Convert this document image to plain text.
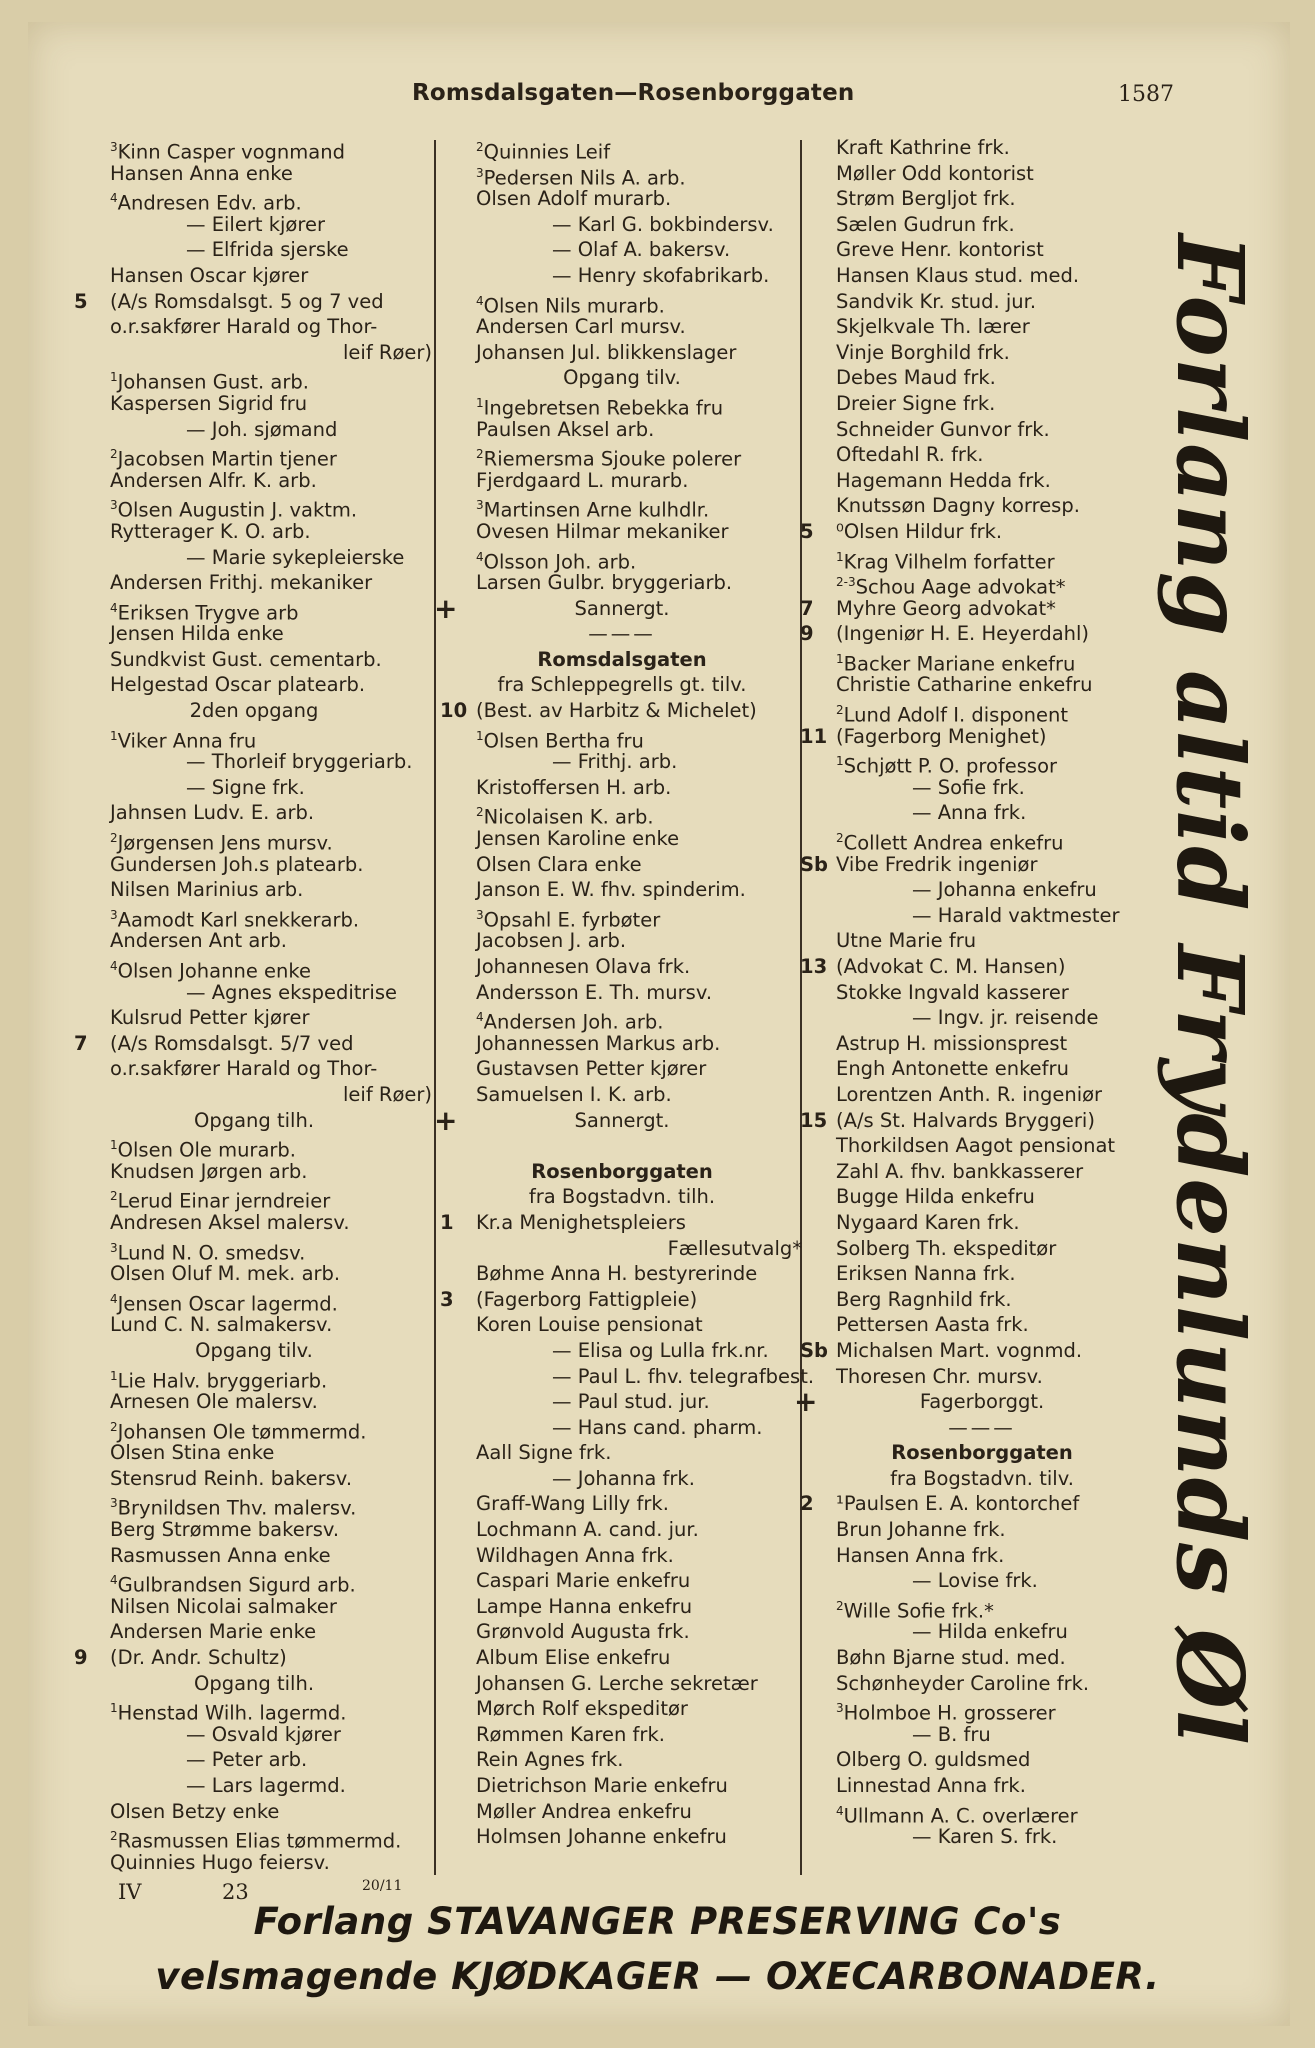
Romsdalsgaten—Rosenborggaten	1587
$^3$Kinn Casper vognmand
Hansen Anna enke
$^4$Andresen Edv. arb.
— Eilert kjører
— Elfrida sjerske
Hansen Oscar kjører
5	(A/s Romsdalsgt. 5 og 7 ved
o.r.sakfører Harald og Thor-
leif Røer)
$^1$Johansen Gust. arb.
Kaspersen Sigrid fru
— Joh. sjømand
$^2$Jacobsen Martin tjener
Andersen Alfr. K. arb.
$^3$Olsen Augustin J. vaktm.
Rytterager K. O. arb.
— Marie sykepleierske
Andersen Frithj. mekaniker
$^4$Eriksen Trygve arb
Jensen Hilda enke
Sundkvist Gust. cementarb.
Helgestad Oscar platearb.
2den opgang
$^1$Viker Anna fru
— Thorleif bryggeriarb.
— Signe frk.
Jahnsen Ludv. E. arb.
$^2$Jørgensen Jens mursv.
Gundersen Joh.s platearb.
Nilsen Marinius arb.
$^3$Aamodt Karl snekkerarb.
Andersen Ant arb.
$^4$Olsen Johanne enke
— Agnes ekspeditrise
Kulsrud Petter kjører
7	(A/s Romsdalsgt. 5/7 ved
o.r.sakfører Harald og Thor-
leif Røer)
Opgang tilh.
$^1$Olsen Ole murarb.
Knudsen Jørgen arb.
$^2$Lerud Einar jerndreier
Andresen Aksel malersv.
$^3$Lund N. O. smedsv.
Olsen Oluf M. mek. arb.
$^4$Jensen Oscar lagermd.
Lund C. N. salmakersv.
Opgang tilv.
$^1$Lie Halv. bryggeriarb.
Arnesen Ole malersv.
$^2$Johansen Ole tømmermd.
Olsen Stina enke
Stensrud Reinh. bakersv.
$^3$Brynildsen Thv. malersv.
Berg Strømme bakersv.
Rasmussen Anna enke
$^4$Gulbrandsen Sigurd arb.
Nilsen Nicolai salmaker
Andersen Marie enke
9	(Dr. Andr. Schultz)
Opgang tilh.
$^1$Henstad Wilh. lagermd.
— Osvald kjører
— Peter arb.
— Lars lagermd.
Olsen Betzy enke
$^2$Rasmussen Elias tømmermd.
Quinnies Hugo feiersv.
$^2$Quinnies Leif
$^3$Pedersen Nils A. arb.
Olsen Adolf murarb.
— Karl G. bokbindersv.
— Olaf A. bakersv.
— Henry skofabrikarb.
$^4$Olsen Nils murarb.
Andersen Carl mursv.
Johansen Jul. blikkenslager
Opgang tilv.
$^1$Ingebretsen Rebekka fru
Paulsen Aksel arb.
$^2$Riemersma Sjouke polerer
Fjerdgaard L. murarb.
$^3$Martinsen Arne kulhdlr.
Ovesen Hilmar mekaniker
$^4$Olsson Joh. arb.
Larsen Gulbr. bryggeriarb.
+	Sannergt.
———
Romsdalsgaten
fra Schleppegrells gt. tilv.
10 (Best. av Harbitz & Michelet)
$^1$Olsen Bertha fru
— Frithj. arb.
Kristoffersen H. arb.
$^2$Nicolaisen K. arb.
Jensen Karoline enke
Olsen Clara enke
Janson E. W. fhv. spinderim.
$^3$Opsahl E. fyrbøter
Jacobsen J. arb.
Johannesen Olava frk.
Andersson E. Th. mursv.
$^4$Andersen Joh. arb.
Johannessen Markus arb.
Gustavsen Petter kjører
Samuelsen I. K. arb.
+	Sannergt.
Rosenborggaten
fra Bogstadvn. tilh.
1	Kr.a Menighetspleiers
Fællesutvalg*
Bøhme Anna H. bestyrerinde
3	(Fagerborg Fattigpleie)
Koren Louise pensionat
— Elisa og Lulla frk.nr.
— Paul L. fhv. telegrafbest.
— Paul stud. jur.
— Hans cand. pharm.
Aall Signe frk.
— Johanna frk.
Graff-Wang Lilly frk.
Lochmann A. cand. jur.
Wildhagen Anna frk.
Caspari Marie enkefru
Lampe Hanna enkefru
Grønvold Augusta frk.
Album Elise enkefru
Johansen G. Lerche sekretær
Mørch Rolf ekspeditør
Rømmen Karen frk.
Rein Agnes frk.
Dietrichson Marie enkefru
Møller Andrea enkefru
Holmsen Johanne enkefru
Kraft Kathrine frk.
Møller Odd kontorist
Strøm Bergljot frk.
Sælen Gudrun frk.
Greve Henr. kontorist
Hansen Klaus stud. med.
Sandvik Kr. stud. jur.
Skjelkvale Th. lærer
Vinje Borghild frk.
Debes Maud frk.
Dreier Signe frk.
Schneider Gunvor frk.
Oftedahl R. frk.
Hagemann Hedda frk.
Knutssøn Dagny korresp.
5	⁰Olsen Hildur frk.
$^1$Krag Vilhelm forfatter
$^{2-3}$Schou Aage advokat*
7	Myhre Georg advokat*
9	(Ingeniør H. E. Heyerdahl)
$^1$Backer Mariane enkefru
Christie Catharine enkefru
$^2$Lund Adolf I. disponent
11 (Fagerborg Menighet)
$^1$Schjøtt P. O. professor
— Sofie frk.
— Anna frk.
$^2$Collett Andrea enkefru
Sb Vibe Fredrik ingeniør
— Johanna enkefru
— Harald vaktmester
Utne Marie fru
13 (Advokat C. M. Hansen)
Stokke Ingvald kasserer
— Ingv. jr. reisende
Astrup H. missionsprest
Engh Antonette enkefru
Lorentzen Anth. R. ingeniør
15 (A/s St. Halvards Bryggeri)
Thorkildsen Aagot pensionat
Zahl A. fhv. bankkasserer
Bugge Hilda enkefru
Nygaard Karen frk.
Solberg Th. ekspeditør
Eriksen Nanna frk.
Berg Ragnhild frk.
Pettersen Aasta frk.
Sb Michalsen Mart. vognmd.
Thoresen Chr. mursv.
+	Fagerborggt.
———
Rosenborggaten
fra Bogstadvn. tilv.
2	¹Paulsen E. A. kontorchef
Brun Johanne frk.
Hansen Anna frk.
— Lovise frk.
$^2$Wille Sofie frk.*
— Hilda enkefru
Bøhn Bjarne stud. med.
Schønheyder Caroline frk.
$^3$Holmboe H. grosserer
— B. fru
Olberg O. guldsmed
Linnestad Anna frk.
$^4$Ullmann A. C. overlærer
— Karen S. frk.
Forlang altid Frydenlunds Øl
IV	23	20/11
Forlang STAVANGER PRESERVING Co's
velsmagende KJØDKAGER — OXECARBONADER.
